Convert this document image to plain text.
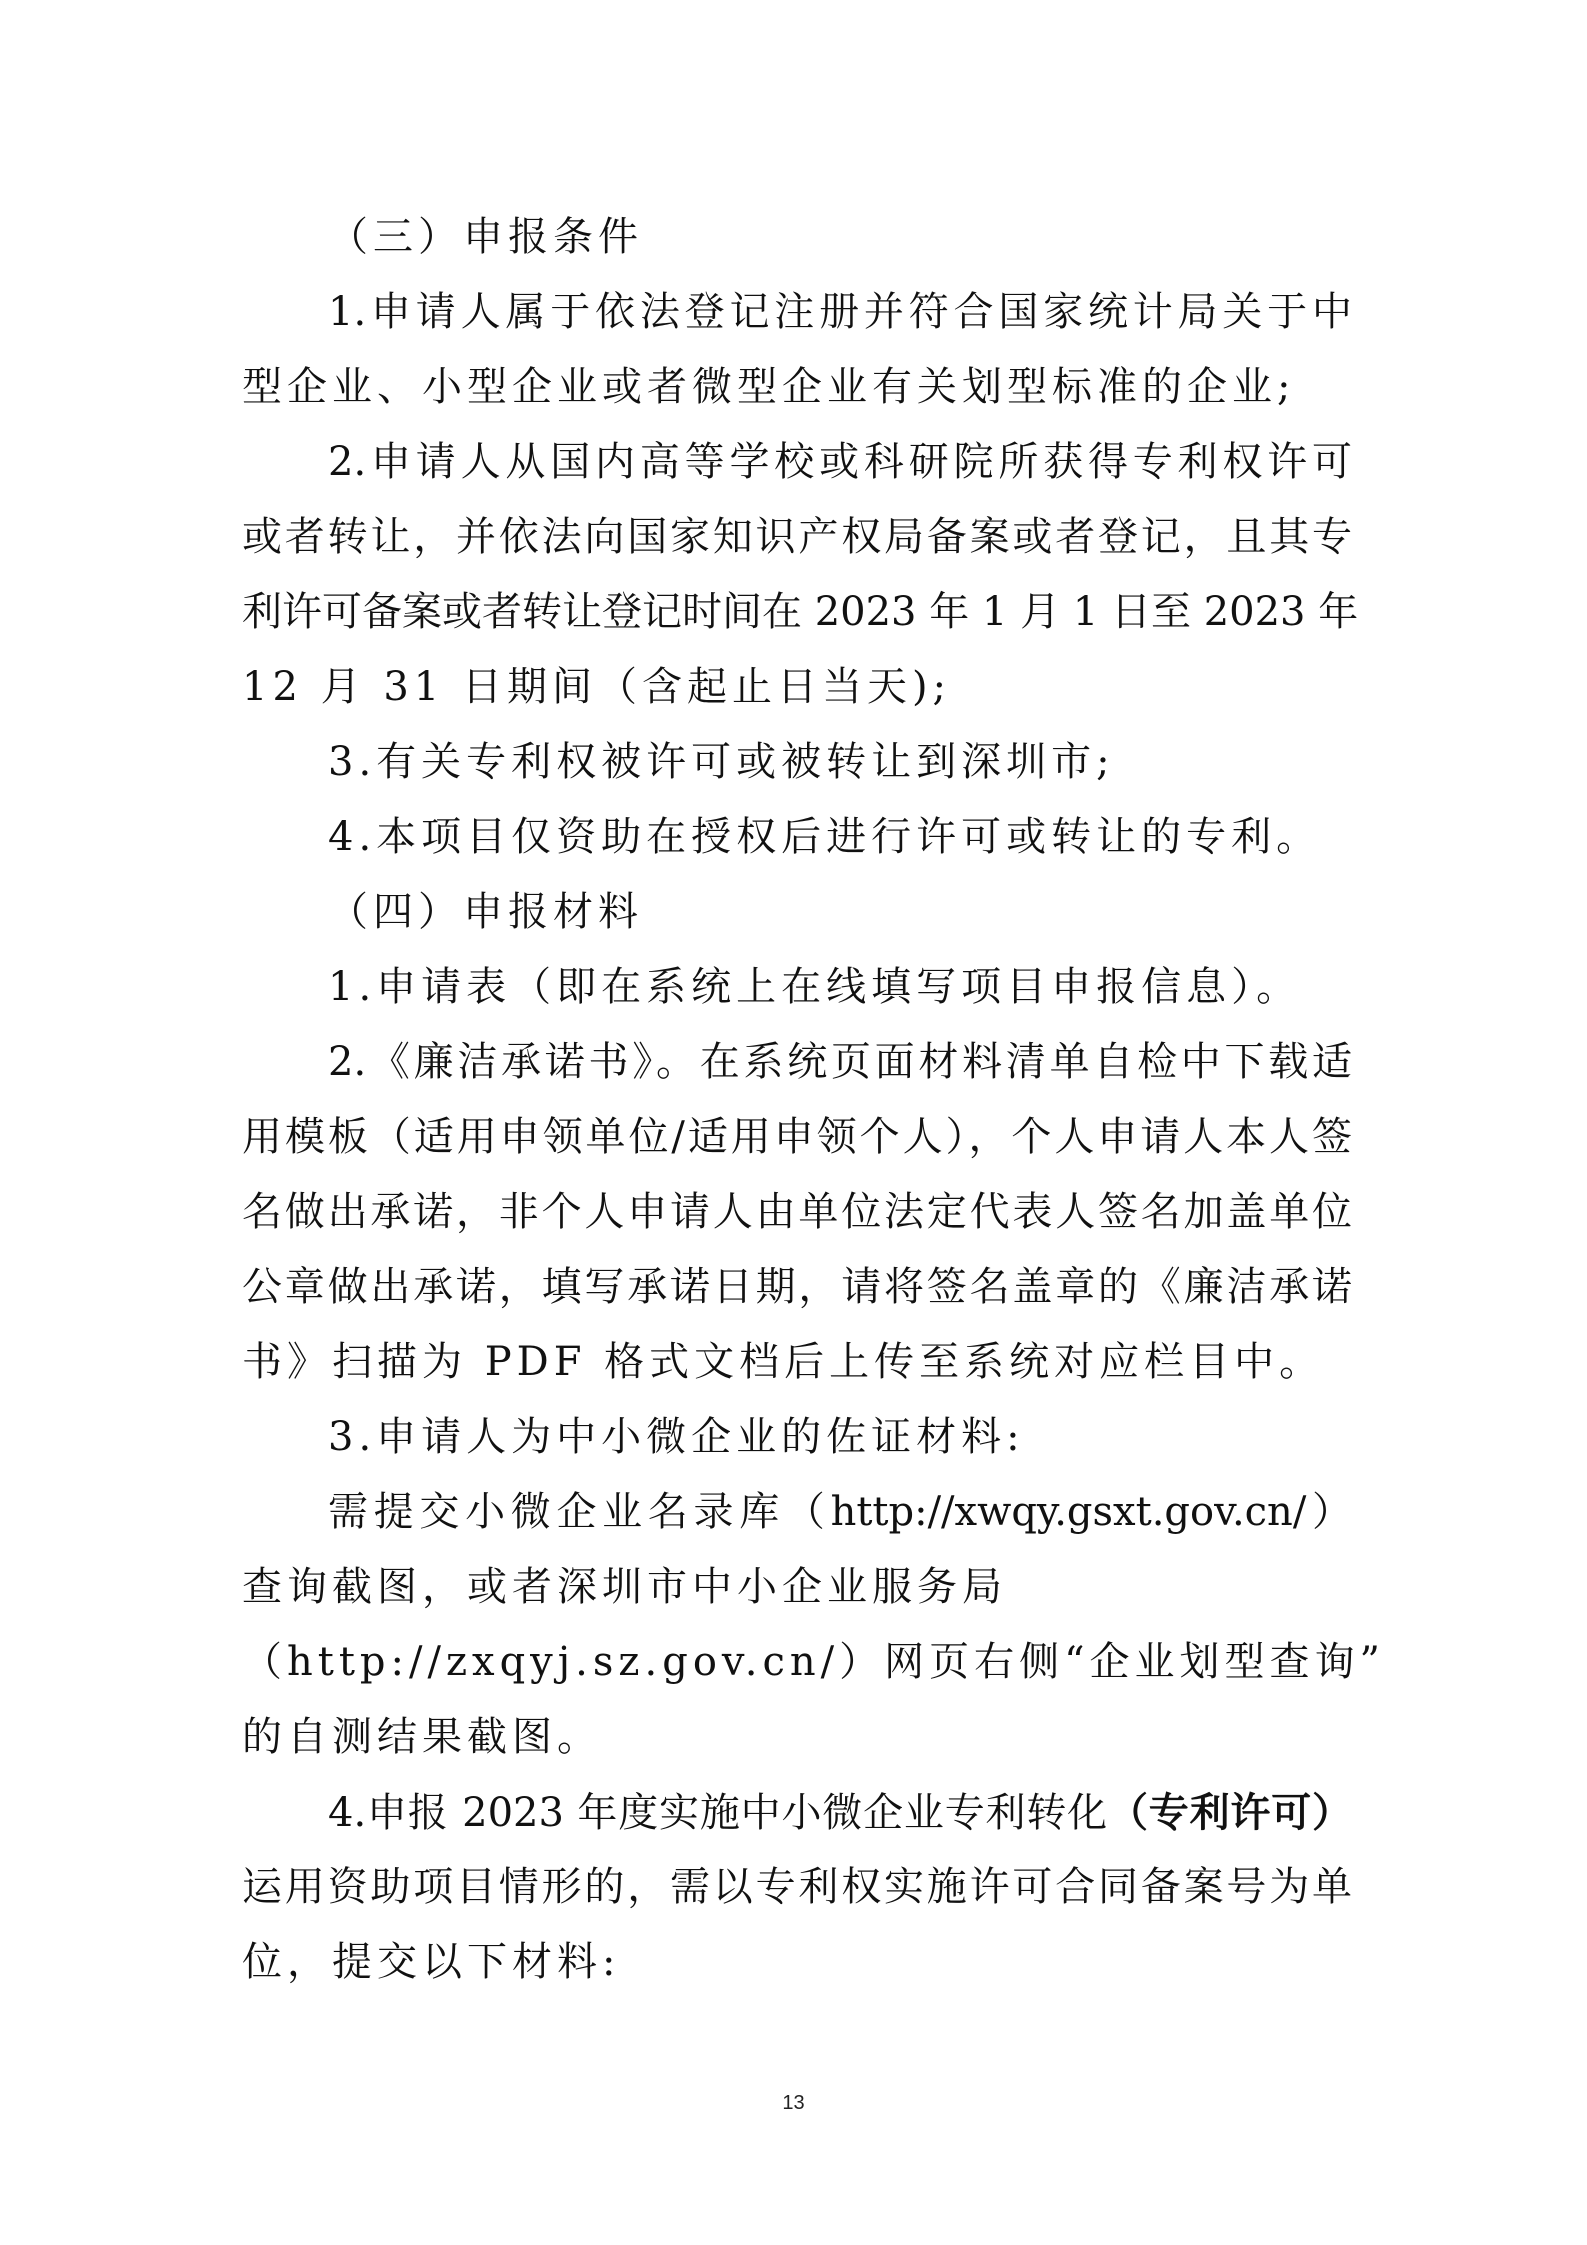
（三）申报条件
1.申请人属于依法登记注册并符合国家统计局关于中
型企业、小型企业或者微型企业有关划型标准的企业;
2.申请人从国内高等学校或科研院所获得专利权许可
或者转让，并依法向国家知识产权局备案或者登记，且其专
利许可备案或者转让登记时间在 2023 年 1 月 1 日至 2023 年
12 月 31 日期间（含起止日当天);
3.有关专利权被许可或被转让到深圳市;
4.本项目仅资助在授权后进行许可或转让的专利。
（四）申报材料
1.申请表（即在系统上在线填写项目申报信息）。
2.《廉洁承诺书》。在系统页面材料清单自检中下载适
用模板（适用申领单位/适用申领个人），个人申请人本人签
名做出承诺，非个人申请人由单位法定代表人签名加盖单位
公章做出承诺，填写承诺日期，请将签名盖章的《廉洁承诺
书》扫描为 PDF 格式文档后上传至系统对应栏目中。
3.申请人为中小微企业的佐证材料:
需提交小微企业名录库（http://xwqy.gsxt.gov.cn/）
查询截图，或者深圳市中小企业服务局
（http://zxqyj.sz.gov.cn/）网页右侧“企业划型查询”
的自测结果截图。
4.申报 2023 年度实施中小微企业专利转化（专利许可）
运用资助项目情形的，需以专利权实施许可合同备案号为单
位，提交以下材料:
13
